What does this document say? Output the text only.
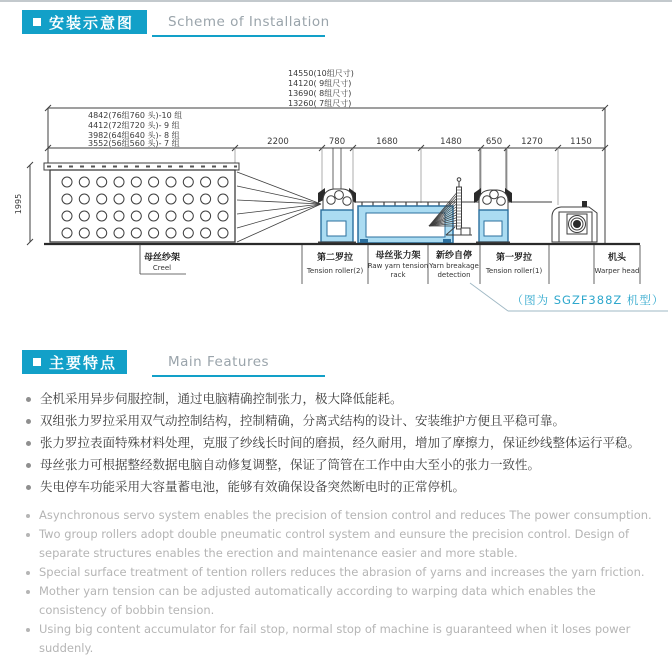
安装示意图	Scheme of Installation
14550(10组尺寸)
14120( 9组尺寸)
13690( 8组尺寸)
13260( 7组尺寸)
4842(76组760 头)-10 组
4412(72组720 头)- 9 组
3982(64组640 头)- 8 组
3552(56组560 头)- 7 组	2200	780	1680	1480	650 1270	1150
1995
第二罗拉
Tension roller(2)
母丝张力架
Raw yarn tension
rack
新纱自停
Yarn breakage
detection
第一罗拉
Tension roller(1)
机头
Warper head
母丝纱架
Creel
（图为 SGZF388Z 机型）
主要特点	Main Features
全机采用异步伺服控制，通过电脑精确控制张力，极大降低能耗。
双组张力罗拉采用双气动控制结构，控制精确，分离式结构的设计、安装维护方便且平稳可靠。
张力罗拉表面特殊材料处理，克服了纱线长时间的磨损，经久耐用，增加了摩擦力，保证纱线整体运行平稳。
母丝张力可根据整经数据电脑自动修复调整，保证了筒管在工作中由大至小的张力一致性。
失电停车功能采用大容量蓄电池，能够有效确保设备突然断电时的正常停机。
Asynchronous servo system enables the precision of tension control and reduces The power consumption.
Two group rollers adopt double pneumatic control system and eunsure the precision control. Design of separate structures enables the erection and maintenance easier and more stable.
Special surface treatment of tention rollers reduces the abrasion of yarns and increases the yarn friction.
Mother yarn tension can be adjusted automatically according to warping data which enables the consistency of bobbin tension.
Using big content accumulator for fail stop, normal stop of machine is guaranteed when it loses power suddenly.
